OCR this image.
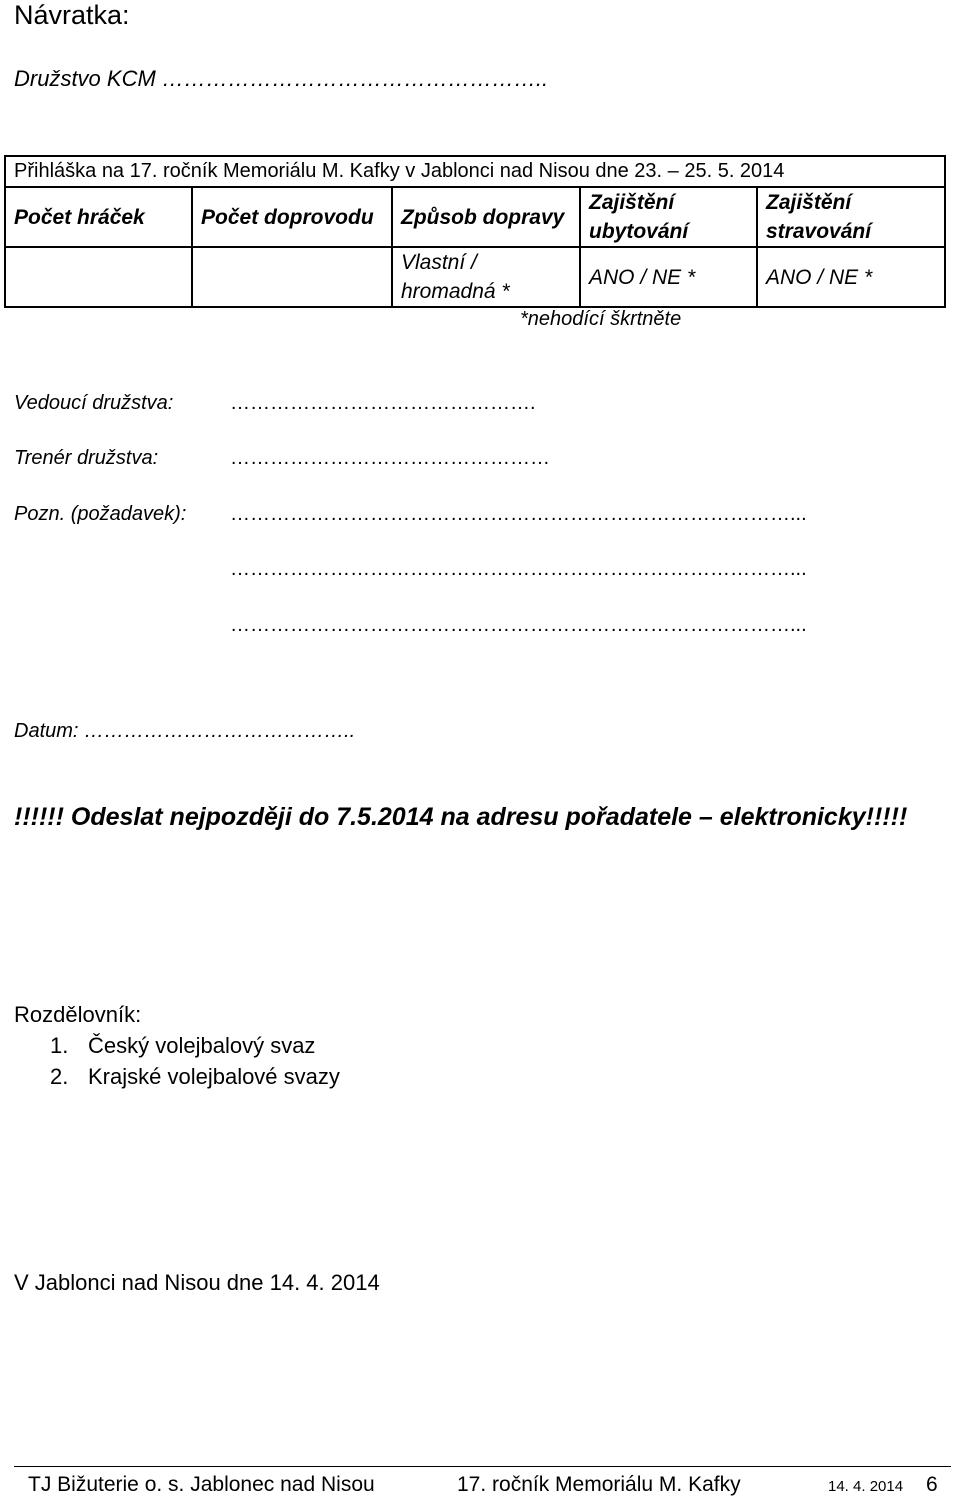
Návratka:
Družstvo KCM ……………………………………………..
Přihláška na 17. ročník Memoriálu M. Kafky v Jablonci nad Nisou dne 23. – 25. 5. 2014				
Počet hráček	Počet doprovodu	Způsob dopravy	Zajištění ubytování	Zajištění stravování
		Vlastní / hromadná *	ANO / NE *	ANO / NE *
*nehodící škrtněte
Vedoucí družstva:	……………………………………….
Trenér družstva:	…………………………………………
Pozn. (požadavek): …………………………………………………………………………...
…………………………………………………………………………...
…………………………………………………………………………...
Datum: …………………………………..
!!!!!! Odeslat nejpozději do 7.5.2014 na adresu pořadatele – elektronicky!!!!!
Rozdělovník:
1. Český volejbalový svaz
2. Krajské volejbalové svazy
V Jablonci nad Nisou dne 14. 4. 2014
TJ Bižuterie o. s. Jablonec nad Nisou	17. ročník Memoriálu M. Kafky	14. 4. 2014 6
